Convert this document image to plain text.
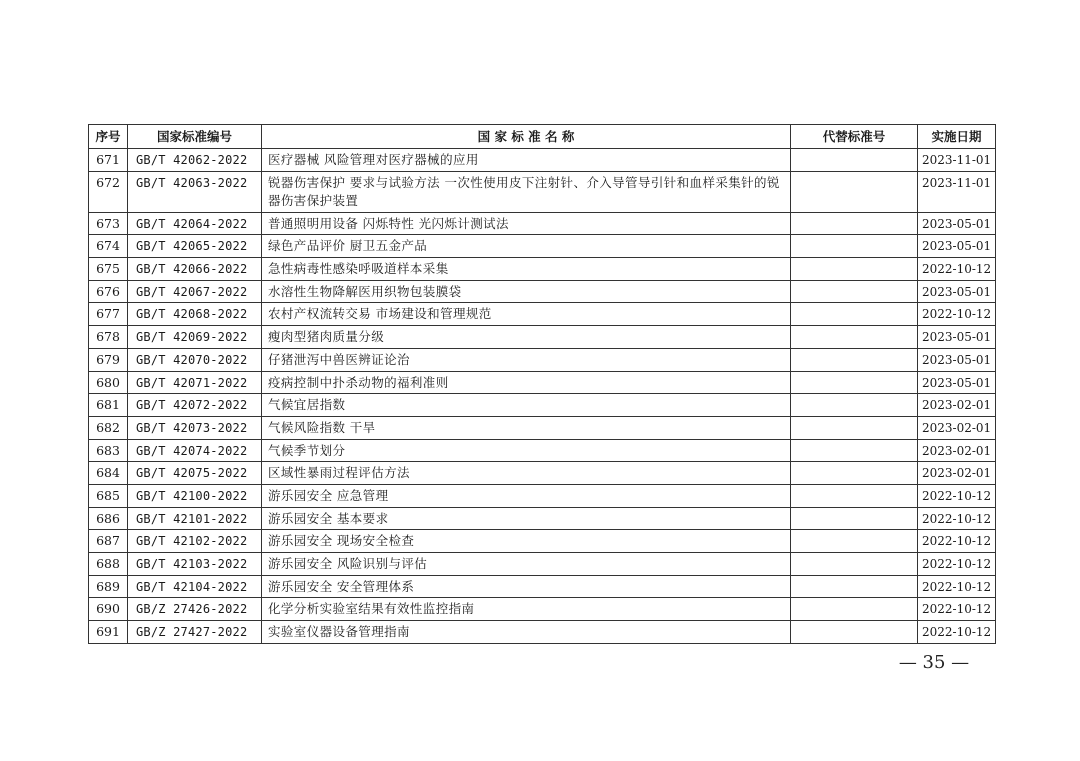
序号	国家标准编号	国 家 标 准 名 称	代替标准号	实施日期
671	GB/T 42062-2022	医疗器械 风险管理对医疗器械的应用		2023-11-01
672	GB/T 42063-2022	锐器伤害保护 要求与试验方法 一次性使用皮下注射针、介入导管导引针和血样采集针的锐器伤害保护装置		2023-11-01
673	GB/T 42064-2022	普通照明用设备 闪烁特性 光闪烁计测试法		2023-05-01
674	GB/T 42065-2022	绿色产品评价 厨卫五金产品		2023-05-01
675	GB/T 42066-2022	急性病毒性感染呼吸道样本采集		2022-10-12
676	GB/T 42067-2022	水溶性生物降解医用织物包装膜袋		2023-05-01
677	GB/T 42068-2022	农村产权流转交易 市场建设和管理规范		2022-10-12
678	GB/T 42069-2022	瘦肉型猪肉质量分级		2023-05-01
679	GB/T 42070-2022	仔猪泄泻中兽医辨证论治		2023-05-01
680	GB/T 42071-2022	疫病控制中扑杀动物的福利准则		2023-05-01
681	GB/T 42072-2022	气候宜居指数		2023-02-01
682	GB/T 42073-2022	气候风险指数 干旱		2023-02-01
683	GB/T 42074-2022	气候季节划分		2023-02-01
684	GB/T 42075-2022	区域性暴雨过程评估方法		2023-02-01
685	GB/T 42100-2022	游乐园安全 应急管理		2022-10-12
686	GB/T 42101-2022	游乐园安全 基本要求		2022-10-12
687	GB/T 42102-2022	游乐园安全 现场安全检查		2022-10-12
688	GB/T 42103-2022	游乐园安全 风险识别与评估		2022-10-12
689	GB/T 42104-2022	游乐园安全 安全管理体系		2022-10-12
690	GB/Z 27426-2022	化学分析实验室结果有效性监控指南		2022-10-12
691	GB/Z 27427-2022	实验室仪器设备管理指南		2022-10-12
— 35 —
